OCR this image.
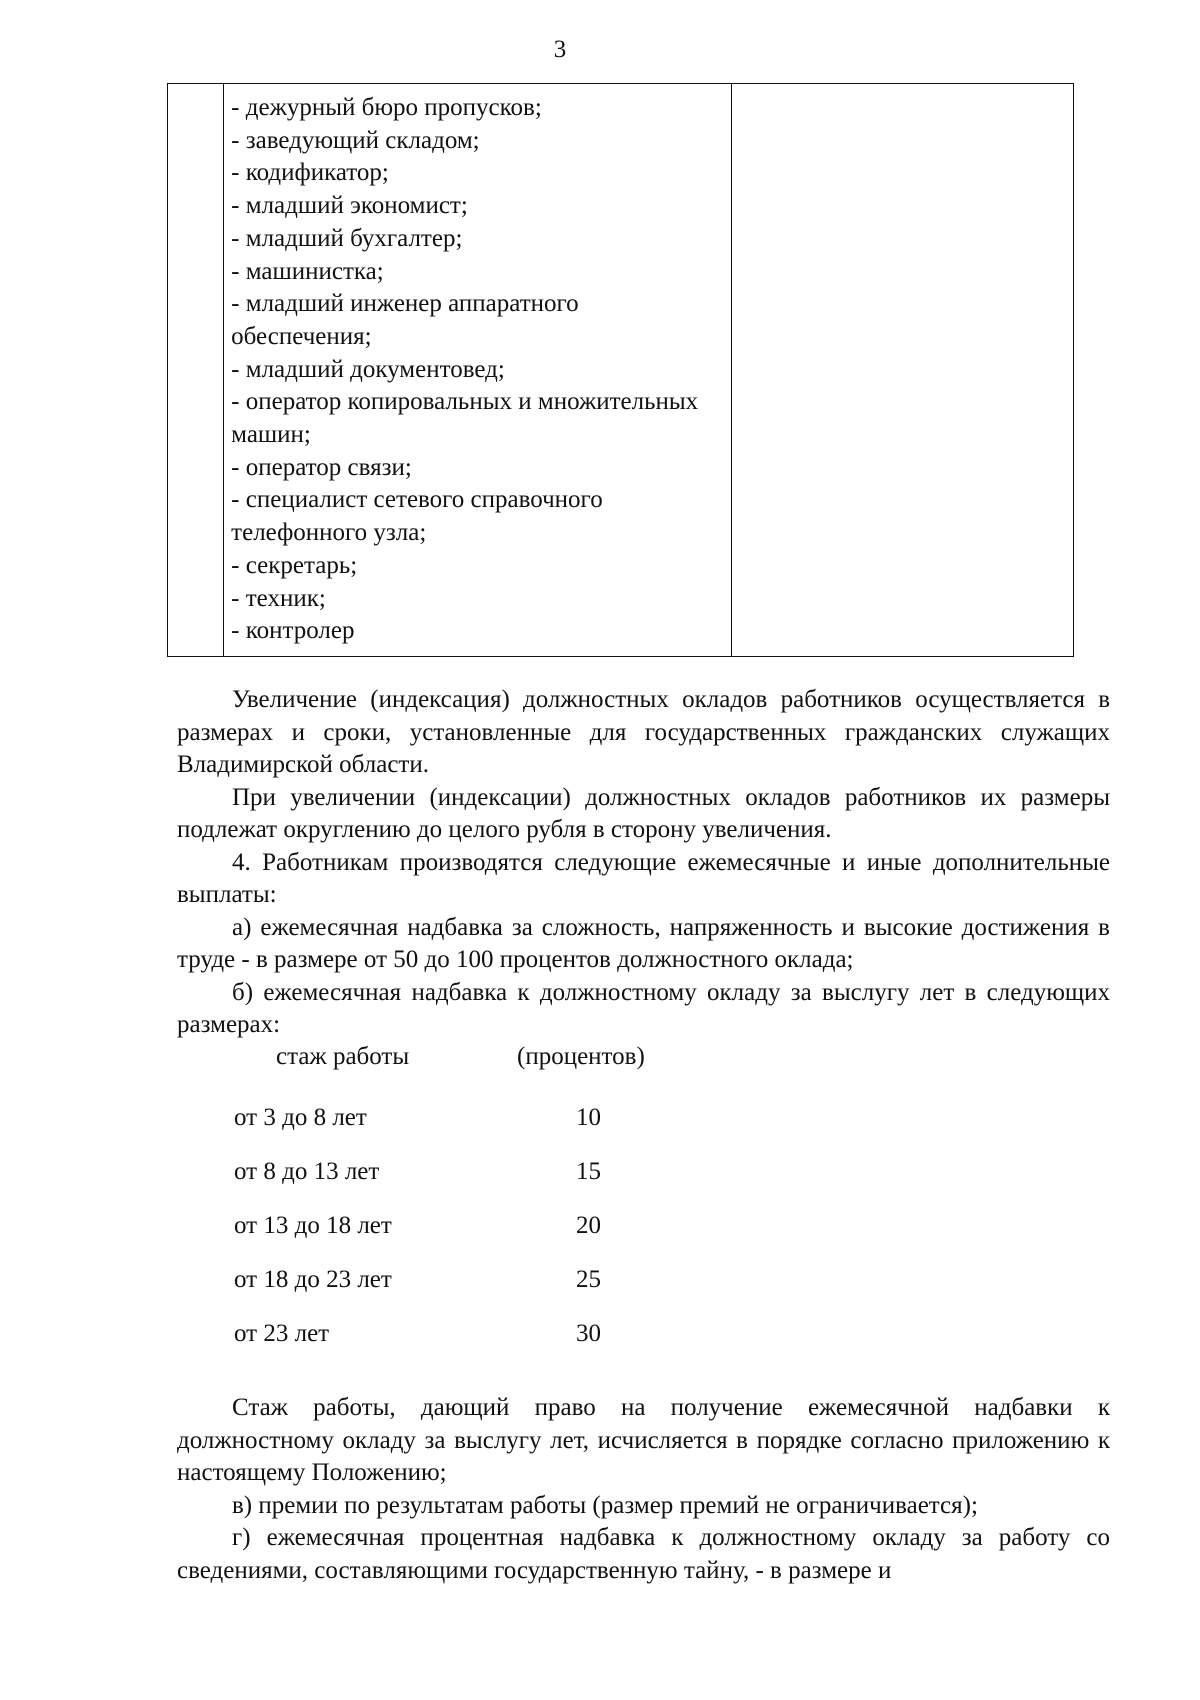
3

- дежурный бюро пропусков;
- заведующий складом;
- кодификатор;
- младший экономист;
- младший бухгалтер;
- машинистка;
- младший инженер аппаратного обеспечения;
- младший документовед;
- оператор копировальных и множительных машин;
- оператор связи;
- специалист сетевого справочного телефонного узла;
- секретарь;
- техник;
- контролер

Увеличение (индексация) должностных окладов работников осуществляется в размерах и сроки, установленные для государственных гражданских служащих Владимирской области.

При увеличении (индексации) должностных окладов работников их размеры подлежат округлению до целого рубля в сторону увеличения.

4. Работникам производятся следующие ежемесячные и иные дополнительные выплаты:

а) ежемесячная надбавка за сложность, напряженность и высокие достижения в труде - в размере от 50 до 100 процентов должностного оклада;

б) ежемесячная надбавка к должностному окладу за выслугу лет в следующих размерах:

стаж работы	(процентов)
от 3 до 8 лет	10
от 8 до 13 лет	15
от 13 до 18 лет	20
от 18 до 23 лет	25
от 23 лет	30

Стаж работы, дающий право на получение ежемесячной надбавки к должностному окладу за выслугу лет, исчисляется в порядке согласно приложению к настоящему Положению;

в) премии по результатам работы (размер премий не ограничивается);

г) ежемесячная процентная надбавка к должностному окладу за работу со сведениями, составляющими государственную тайну, - в размере и
